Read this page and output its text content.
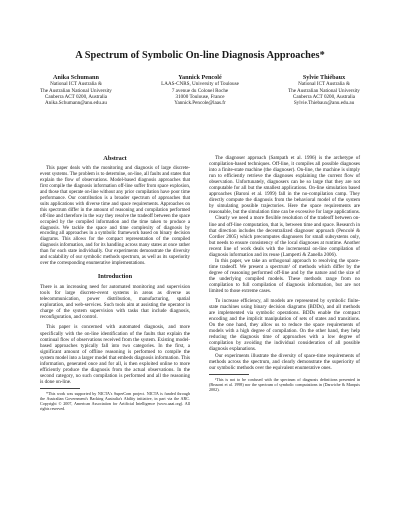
A Spectrum of Symbolic On-line Diagnosis Approaches*
Anika Schumann
National ICT Australia &
The Australian National University
Canberra ACT 0200, Australia
Anika.Schumann@anu.edu.au
Yannick Pencolé
LAAS-CNRS, University of Toulouse
7 avenue du Colonel Roche
31000 Toulouse, France
Yannick.Pencole@laas.fr
Sylvie Thiébaux
National ICT Australia &
The Australian National University
Canberra ACT 0200, Australia
Sylvie.Thiebaux@anu.edu.au
Abstract

This paper deals with the monitoring and diagnosis of large discrete-event systems. The problem is to determine, on-line, all faults and states that explain the flow of observations. Model-based diagnosis approaches that first compile the diagnosis information off-line suffer from space explosion, and those that operate on-line without any prior compilation have poor time performance. Our contribution is a broader spectrum of approaches that suits applications with diverse time and space requirements. Approaches on this spectrum differ in the amount of reasoning and compilation performed off-line and therefore in the way they resolve the tradeoff between the space occupied by the compiled information and the time taken to produce a diagnosis. We tackle the space and time complexity of diagnosis by encoding all approaches in a symbolic framework based on binary decision diagrams. This allows for the compact representation of the compiled diagnosis information, and for its handling across many states at once rather than for each state individually. Our experiments demonstrate the diversity and scalability of our symbolic methods spectrum, as well as its superiority over the corresponding enumerative implementations.

Introduction

There is an increasing need for automated monitoring and supervision tools for large discrete-event systems in areas as diverse as telecommunication, power distribution, manufacturing, spatial exploration, and web-services. Such tools aim at assisting the operator in charge of the system supervision with tasks that include diagnosis, reconfiguration, and control.

This paper is concerned with automated diagnosis, and more specifically with the on-line identification of the faults that explain the continual flow of observations received from the system. Existing model-based approaches typically fall into two categories. In the first, a significant amount of offline reasoning is performed to compile the system model into a larger model that embeds diagnosis information. This information, generated once and for all, is then exploited online to more efficiently produce the diagnosis from the actual observations. In the second category, no such compilation is performed and all the reasoning is done on-line.

*This work was supported by NICTA's SuperCom project. NICTA is funded through the Australian Government's Backing Australia's Ability initiative, in part via the ARC. Copyright © 2007, American Association for Artificial Intelligence (www.aaai.org). All rights reserved.

The diagnoser approach (Sampath et al. 1996) is the archetype of compilation-based techniques. Off-line, it compiles all possible diagnoses into a finite-state machine (the diagnoser). On-line, the machine is simply run to efficiently retrieve the diagnoses explaining the current flow of observation. Unfortunately, diagnosers can be so large that they are not computable for all but the smallest applications. On-line simulation based approaches (Baroni et al. 1999) fall in the no-compilation camp. They directly compute the diagnosis from the behavioral model of the system by simulating possible trajectories. Here the space requirements are reasonable, but the simulation time can be excessive for large applications.

Clearly we need a more flexible resolution of the tradeoff between on-line and off-line computation, that is, between time and space. Research in that direction includes the decentralized diagnoser approach (Pencolé & Cordier 2005) which precomputes diagnosers for small subsystems only, but needs to ensure consistency of the local diagnoses at runtime. Another recent line of work deals with the incremental on-line compilation of diagnosis information and its reuse (Lamperti & Zanella 2006).

In this paper, we take an orthogonal approach to resolving the space-time tradeoff. We present a spectrum¹ of methods which differ by the degree of reasoning performed off-line and by the nature and the size of the underlying compiled models. These methods range from no compilation to full compilation of diagnosis information, but are not limited to those extreme cases.

To increase efficiency, all models are represented by symbolic finite-state machines using binary decision diagrams (BDDs), and all methods are implemented via symbolic operations. BDDs enable the compact encoding and the implicit manipulation of sets of states and transitions. On the one hand, they allow us to reduce the space requirements of models with a high degree of compilation. On the other hand, they help reducing the diagnosis time of approaches with a low degree of compilation by avoiding the individual consideration of all possible diagnosis explanations.

Our experiments illustrate the diversity of space-time requirements of methods across the spectrum, and clearly demonstrate the superiority of our symbolic methods over the equivalent enumerative ones.

¹This is not to be confused with the spectrum of diagnosis definitions presented in (Brusoni et al. 1998) nor the spectrum of symbolic computations in (Darwiche & Marquis 2002).
